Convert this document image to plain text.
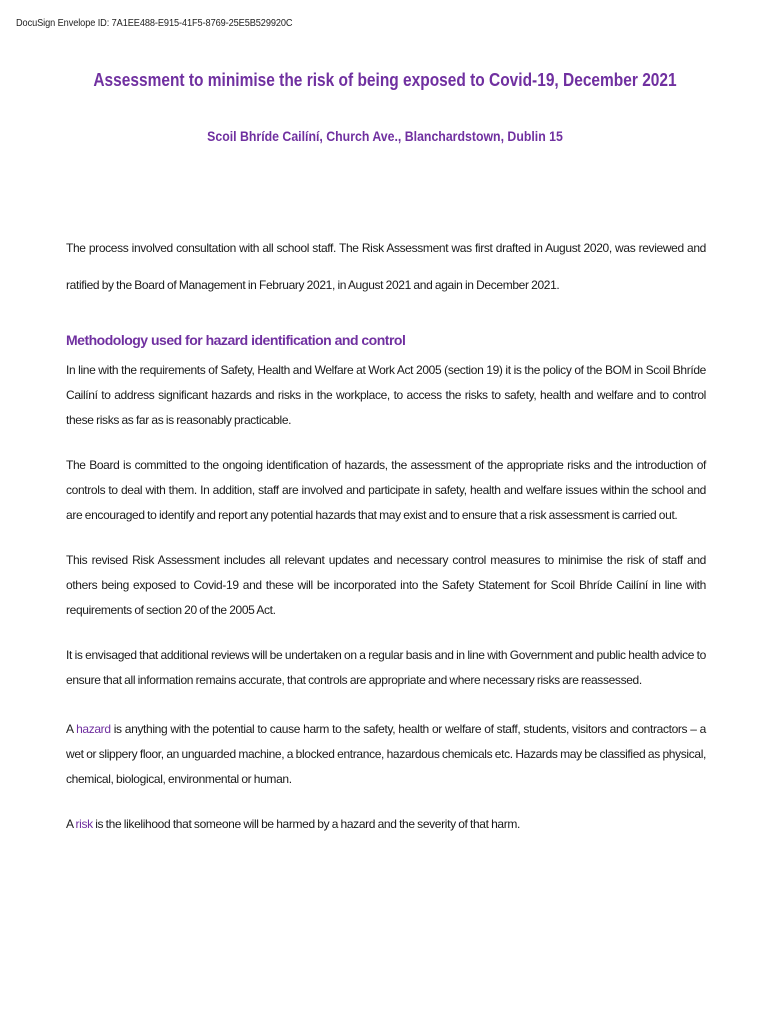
DocuSign Envelope ID: 7A1EE488-E915-41F5-8769-25E5B529920C
Assessment to minimise the risk of being exposed to Covid-19, December 2021
Scoil Bhríde Cailíní, Church Ave., Blanchardstown, Dublin 15

The process involved consultation with all school staff. The Risk Assessment was first drafted in August 2020, was reviewed and ratified by the Board of Management in February 2021, in August 2021 and again in December 2021.

Methodology used for hazard identification and control

In line with the requirements of Safety, Health and Welfare at Work Act 2005 (section 19) it is the policy of the BOM in Scoil Bhríde Cailíní to address significant hazards and risks in the workplace, to access the risks to safety, health and welfare and to control these risks as far as is reasonably practicable.

The Board is committed to the ongoing identification of hazards, the assessment of the appropriate risks and the introduction of controls to deal with them. In addition, staff are involved and participate in safety, health and welfare issues within the school and are encouraged to identify and report any potential hazards that may exist and to ensure that a risk assessment is carried out.

This revised Risk Assessment includes all relevant updates and necessary control measures to minimise the risk of staff and others being exposed to Covid-19 and these will be incorporated into the Safety Statement for Scoil Bhríde Cailíní in line with requirements of section 20 of the 2005 Act.

It is envisaged that additional reviews will be undertaken on a regular basis and in line with Government and public health advice to ensure that all information remains accurate, that controls are appropriate and where necessary risks are reassessed.

A hazard is anything with the potential to cause harm to the safety, health or welfare of staff, students, visitors and contractors – a wet or slippery floor, an unguarded machine, a blocked entrance, hazardous chemicals etc. Hazards may be classified as physical, chemical, biological, environmental or human.

A risk is the likelihood that someone will be harmed by a hazard and the severity of that harm.
